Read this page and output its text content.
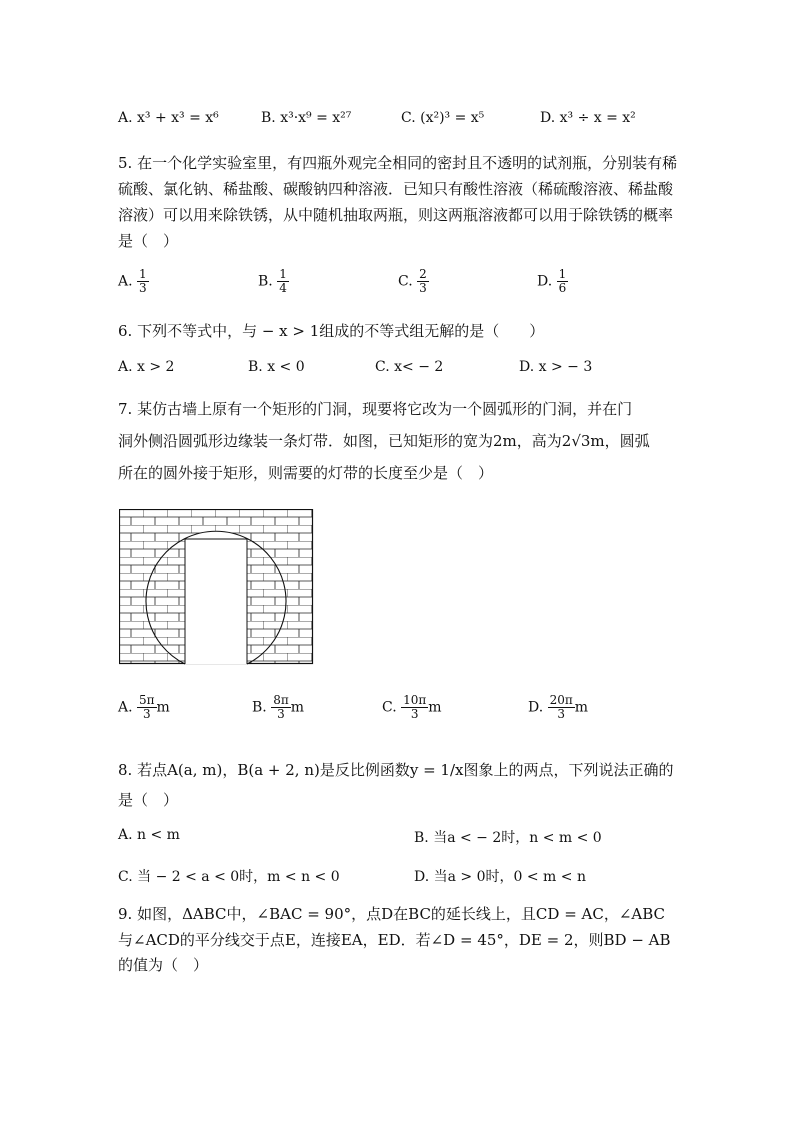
A. x³ + x³ = x⁶	B. x³·x⁹ = x²⁷	C. (x²)³ = x⁵	D. x³ ÷ x = x²
5. 在一个化学实验室里，有四瓶外观完全相同的密封且不透明的试剂瓶，分别装有稀硫酸、氯化钠、稀盐酸、碳酸钠四种溶液．已知只有酸性溶液（稀硫酸溶液、稀盐酸溶液）可以用来除铁锈，从中随机抽取两瓶，则这两瓶溶液都可以用于除铁锈的概率是（　）
A. $\frac{1}{3}$	B. $\frac{1}{4}$	C. $\frac{2}{3}$	D. $\frac{1}{6}$
6. 下列不等式中，与 − x > 1组成的不等式组无解的是（　　）
A. x > 2	B. x < 0	C. x< − 2	D. x > − 3
7. 某仿古墙上原有一个矩形的门洞，现要将它改为一个圆弧形的门洞，并在门
洞外侧沿圆弧形边缘装一条灯带．如图，已知矩形的宽为2m，高为2√3m，圆弧
所在的圆外接于矩形，则需要的灯带的长度至少是（　）
A. $\frac{5\pi}{3}$ m	B. $\frac{8\pi}{3}$ m	C. $\frac{10\pi}{3}$ m	D. $\frac{20\pi}{3}$ m
8. 若点A(a, m)，B(a + 2, n)是反比例函数y = 1/x图象上的两点，下列说法正确的
是（　）
A. n < m	B. 当a < − 2时，n < m < 0
C. 当 − 2 < a < 0时，m < n < 0	D. 当a > 0时，0 < m < n
9. 如图，ΔABC中，∠BAC = 90°，点D在BC的延长线上，且CD = AC，∠ABC
与∠ACD的平分线交于点E，连接EA，ED．若∠D = 45°，DE = 2，则BD − AB
的值为（　）
